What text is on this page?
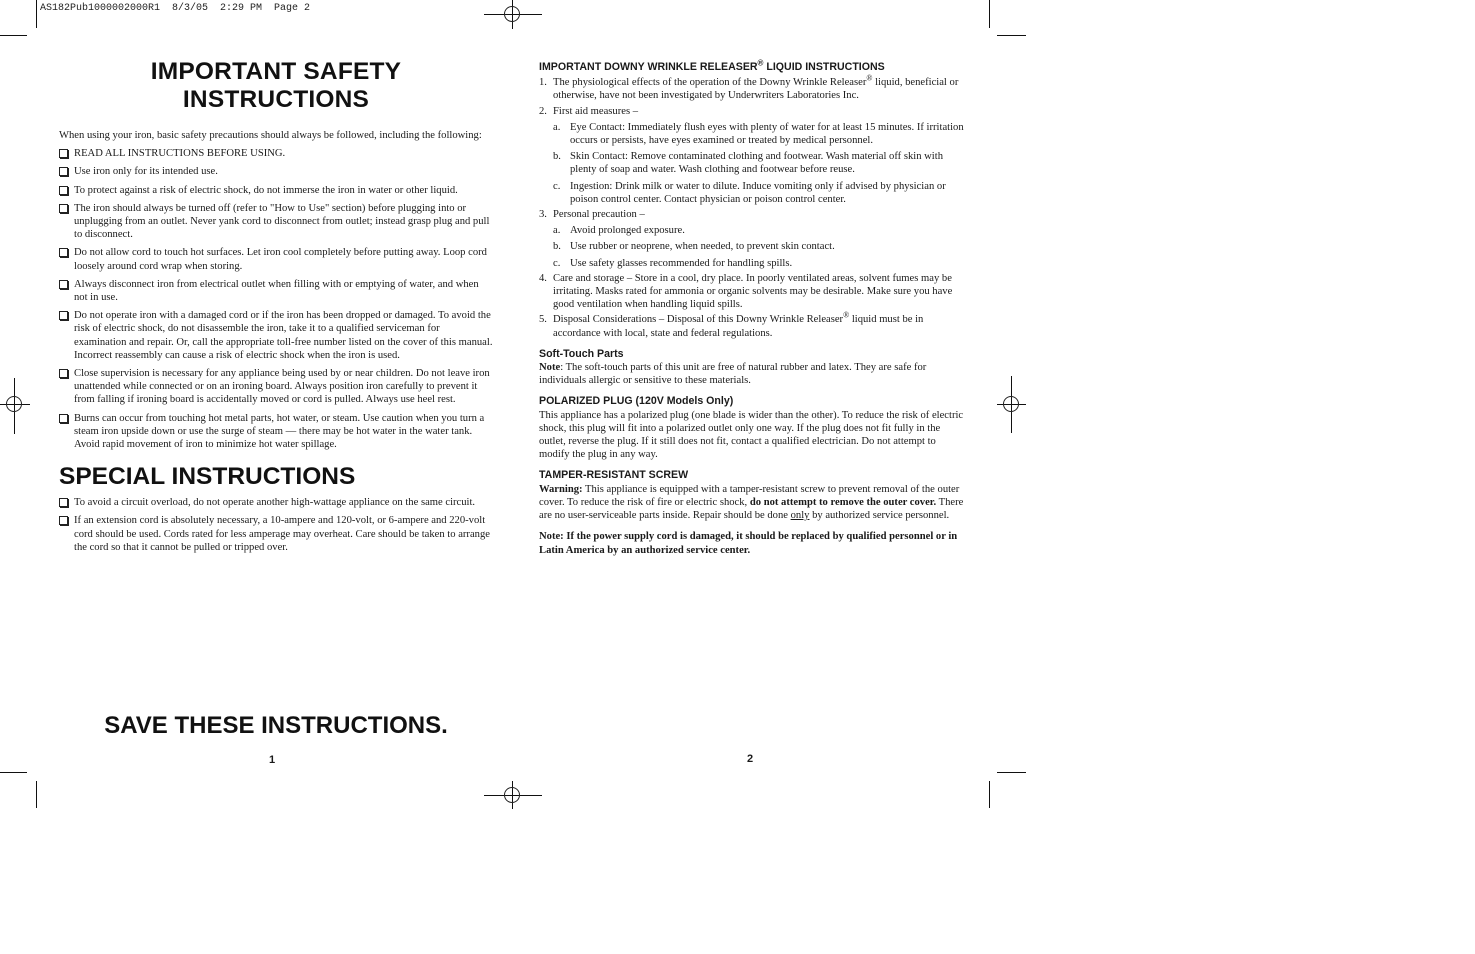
AS182Pub1000002000R1  8/3/05  2:29 PM  Page 2
IMPORTANT SAFETY
INSTRUCTIONS
When using your iron, basic safety precautions should always be followed, including the following:
READ ALL INSTRUCTIONS BEFORE USING.
Use iron only for its intended use.
To protect against a risk of electric shock, do not immerse the iron in water or other liquid.
The iron should always be turned off (refer to "How to Use" section) before plugging into or unplugging from an outlet. Never yank cord to disconnect from outlet; instead grasp plug and pull to disconnect.
Do not allow cord to touch hot surfaces. Let iron cool completely before putting away. Loop cord loosely around cord wrap when storing.
Always disconnect iron from electrical outlet when filling with or emptying of water, and when not in use.
Do not operate iron with a damaged cord or if the iron has been dropped or damaged. To avoid the risk of electric shock, do not disassemble the iron, take it to a qualified serviceman for examination and repair. Or, call the appropriate toll-free number listed on the cover of this manual. Incorrect reassembly can cause a risk of electric shock when the iron is used.
Close supervision is necessary for any appliance being used by or near children. Do not leave iron unattended while connected or on an ironing board. Always position iron carefully to prevent it from falling if ironing board is accidentally moved or cord is pulled. Always use heel rest.
Burns can occur from touching hot metal parts, hot water, or steam. Use caution when you turn a steam iron upside down or use the surge of steam — there may be hot water in the water tank. Avoid rapid movement of iron to minimize hot water spillage.
SPECIAL INSTRUCTIONS
To avoid a circuit overload, do not operate another high-wattage appliance on the same circuit.
If an extension cord is absolutely necessary, a 10-ampere and 120-volt, or 6-ampere and 220-volt cord should be used. Cords rated for less amperage may overheat. Care should be taken to arrange the cord so that it cannot be pulled or tripped over.
SAVE THESE INSTRUCTIONS.
1
IMPORTANT DOWNY WRINKLE RELEASER® LIQUID INSTRUCTIONS
1. The physiological effects of the operation of the Downy Wrinkle Releaser® liquid, beneficial or otherwise, have not been investigated by Underwriters Laboratories Inc.
2. First aid measures –
a. Eye Contact: Immediately flush eyes with plenty of water for at least 15 minutes. If irritation occurs or persists, have eyes examined or treated by medical personnel.
b. Skin Contact: Remove contaminated clothing and footwear. Wash material off skin with plenty of soap and water. Wash clothing and footwear before reuse.
c. Ingestion: Drink milk or water to dilute. Induce vomiting only if advised by physician or poison control center. Contact physician or poison control center.
3. Personal precaution –
a. Avoid prolonged exposure.
b. Use rubber or neoprene, when needed, to prevent skin contact.
c. Use safety glasses recommended for handling spills.
4. Care and storage – Store in a cool, dry place. In poorly ventilated areas, solvent fumes may be irritating. Masks rated for ammonia or organic solvents may be desirable. Make sure you have good ventilation when handling liquid spills.
5. Disposal Considerations – Disposal of this Downy Wrinkle Releaser® liquid must be in accordance with local, state and federal regulations.
Soft-Touch Parts
Note: The soft-touch parts of this unit are free of natural rubber and latex. They are safe for individuals allergic or sensitive to these materials.
POLARIZED PLUG (120V Models Only)
This appliance has a polarized plug (one blade is wider than the other). To reduce the risk of electric shock, this plug will fit into a polarized outlet only one way. If the plug does not fit fully in the outlet, reverse the plug. If it still does not fit, contact a qualified electrician. Do not attempt to modify the plug in any way.
TAMPER-RESISTANT SCREW
Warning: This appliance is equipped with a tamper-resistant screw to prevent removal of the outer cover. To reduce the risk of fire or electric shock, do not attempt to remove the outer cover. There are no user-serviceable parts inside. Repair should be done only by authorized service personnel.
Note: If the power supply cord is damaged, it should be replaced by qualified personnel or in Latin America by an authorized service center.
2
